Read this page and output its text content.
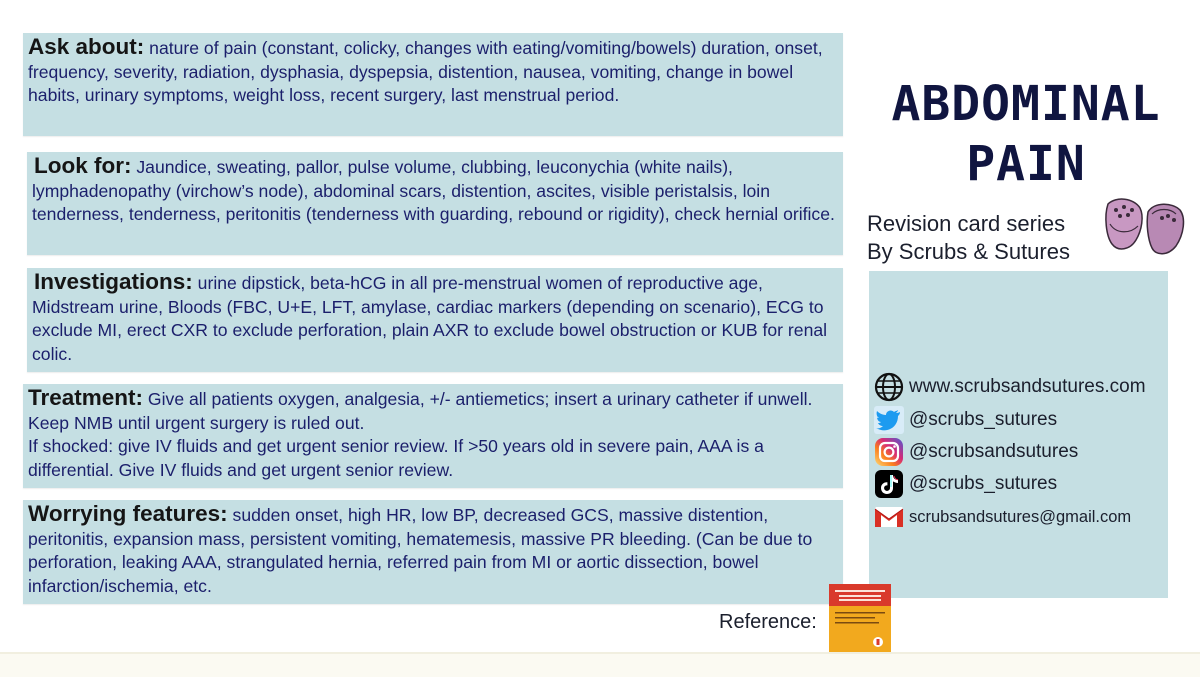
Ask about: nature of pain (constant, colicky, changes with eating/vomiting/bowels) duration, onset, frequency, severity, radiation, dysphasia, dyspepsia, distention, nausea, vomiting, change in bowel habits, urinary symptoms, weight loss, recent surgery, last menstrual period.
Look for: Jaundice, sweating, pallor, pulse volume, clubbing, leuconychia (white nails), lymphadenopathy (virchow’s node), abdominal scars, distention, ascites, visible peristalsis, loin tenderness, tenderness, peritonitis (tenderness with guarding, rebound or rigidity), check hernial orifice.
Investigations: urine dipstick, beta-hCG in all pre-menstrual women of reproductive age, Midstream urine, Bloods (FBC, U+E, LFT, amylase, cardiac markers (depending on scenario), ECG to exclude MI, erect CXR to exclude perforation, plain AXR to exclude bowel obstruction or KUB for renal colic.
Treatment: Give all patients oxygen, analgesia, +/- antiemetics; insert a urinary catheter if unwell. Keep NMB until urgent surgery is ruled out.
If shocked: give IV fluids and get urgent senior review. If >50 years old in severe pain, AAA is a differential. Give IV fluids and get urgent senior review.
Worrying features: sudden onset, high HR, low BP, decreased GCS, massive distention, peritonitis, expansion mass, persistent vomiting, hematemesis, massive PR bleeding. (Can be due to perforation, leaking AAA, strangulated hernia, referred pain from MI or aortic dissection, bowel infarction/ischemia, etc.
ABDOMINAL
PAIN
Revision card series
By Scrubs & Sutures
www.scrubsandsutures.com
@scrubs_sutures
@scrubsandsutures
@scrubs_sutures
scrubsandsutures@gmail.com
Reference:
